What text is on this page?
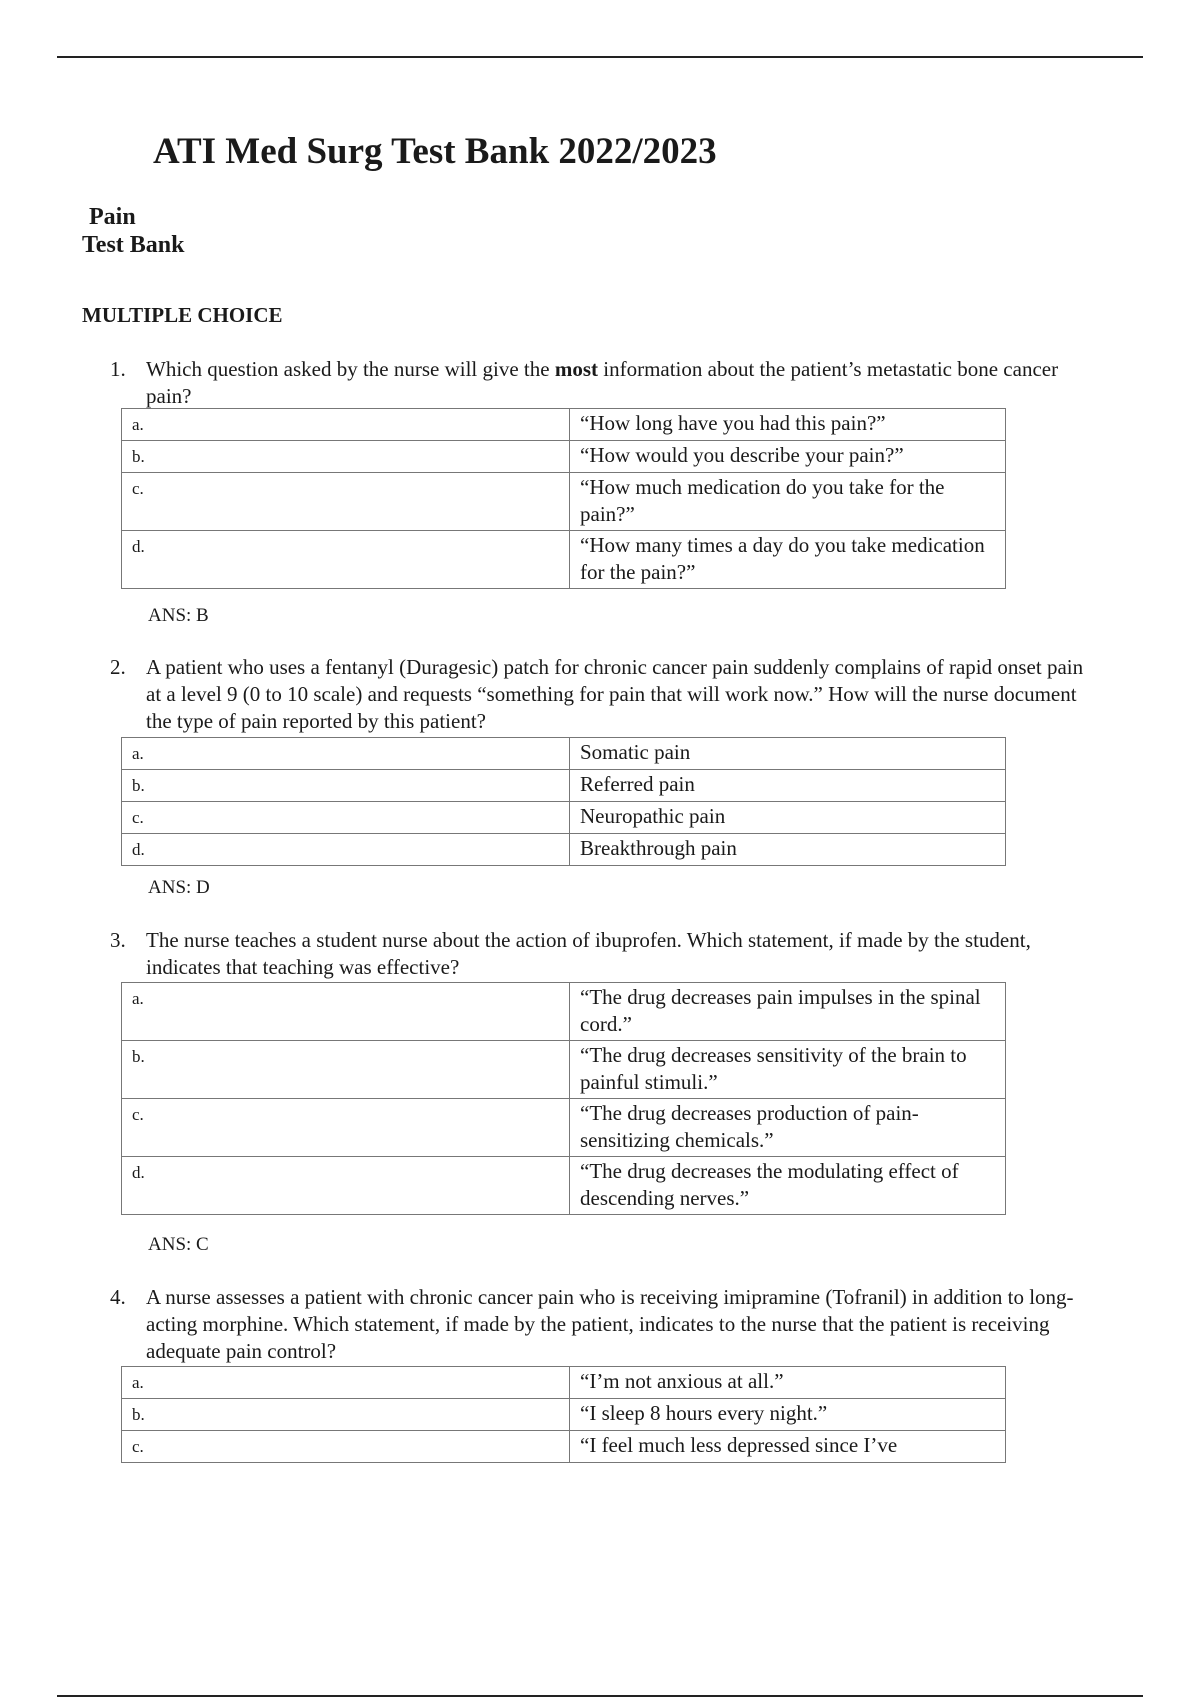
ATI Med Surg Test Bank 2022/2023
Pain
Test Bank
MULTIPLE CHOICE
1. Which question asked by the nurse will give the most information about the patient’s metastatic bone cancer pain?
a.	“How long have you had this pain?”
b.	“How would you describe your pain?”
c.	“How much medication do you take for the pain?”
d.	“How many times a day do you take medication for the pain?”
ANS: B
2. A patient who uses a fentanyl (Duragesic) patch for chronic cancer pain suddenly complains of rapid onset pain at a level 9 (0 to 10 scale) and requests “something for pain that will work now.” How will the nurse document the type of pain reported by this patient?
a.	Somatic pain
b.	Referred pain
c.	Neuropathic pain
d.	Breakthrough pain
ANS: D
3. The nurse teaches a student nurse about the action of ibuprofen. Which statement, if made by the student, indicates that teaching was effective?
a.	“The drug decreases pain impulses in the spinal cord.”
b.	“The drug decreases sensitivity of the brain to painful stimuli.”
c.	“The drug decreases production of pain-sensitizing chemicals.”
d.	“The drug decreases the modulating effect of descending nerves.”
ANS: C
4. A nurse assesses a patient with chronic cancer pain who is receiving imipramine (Tofranil) in addition to long-acting morphine. Which statement, if made by the patient, indicates to the nurse that the patient is receiving adequate pain control?
a.	“I’m not anxious at all.”
b.	“I sleep 8 hours every night.”
c.	“I feel much less depressed since I’ve
